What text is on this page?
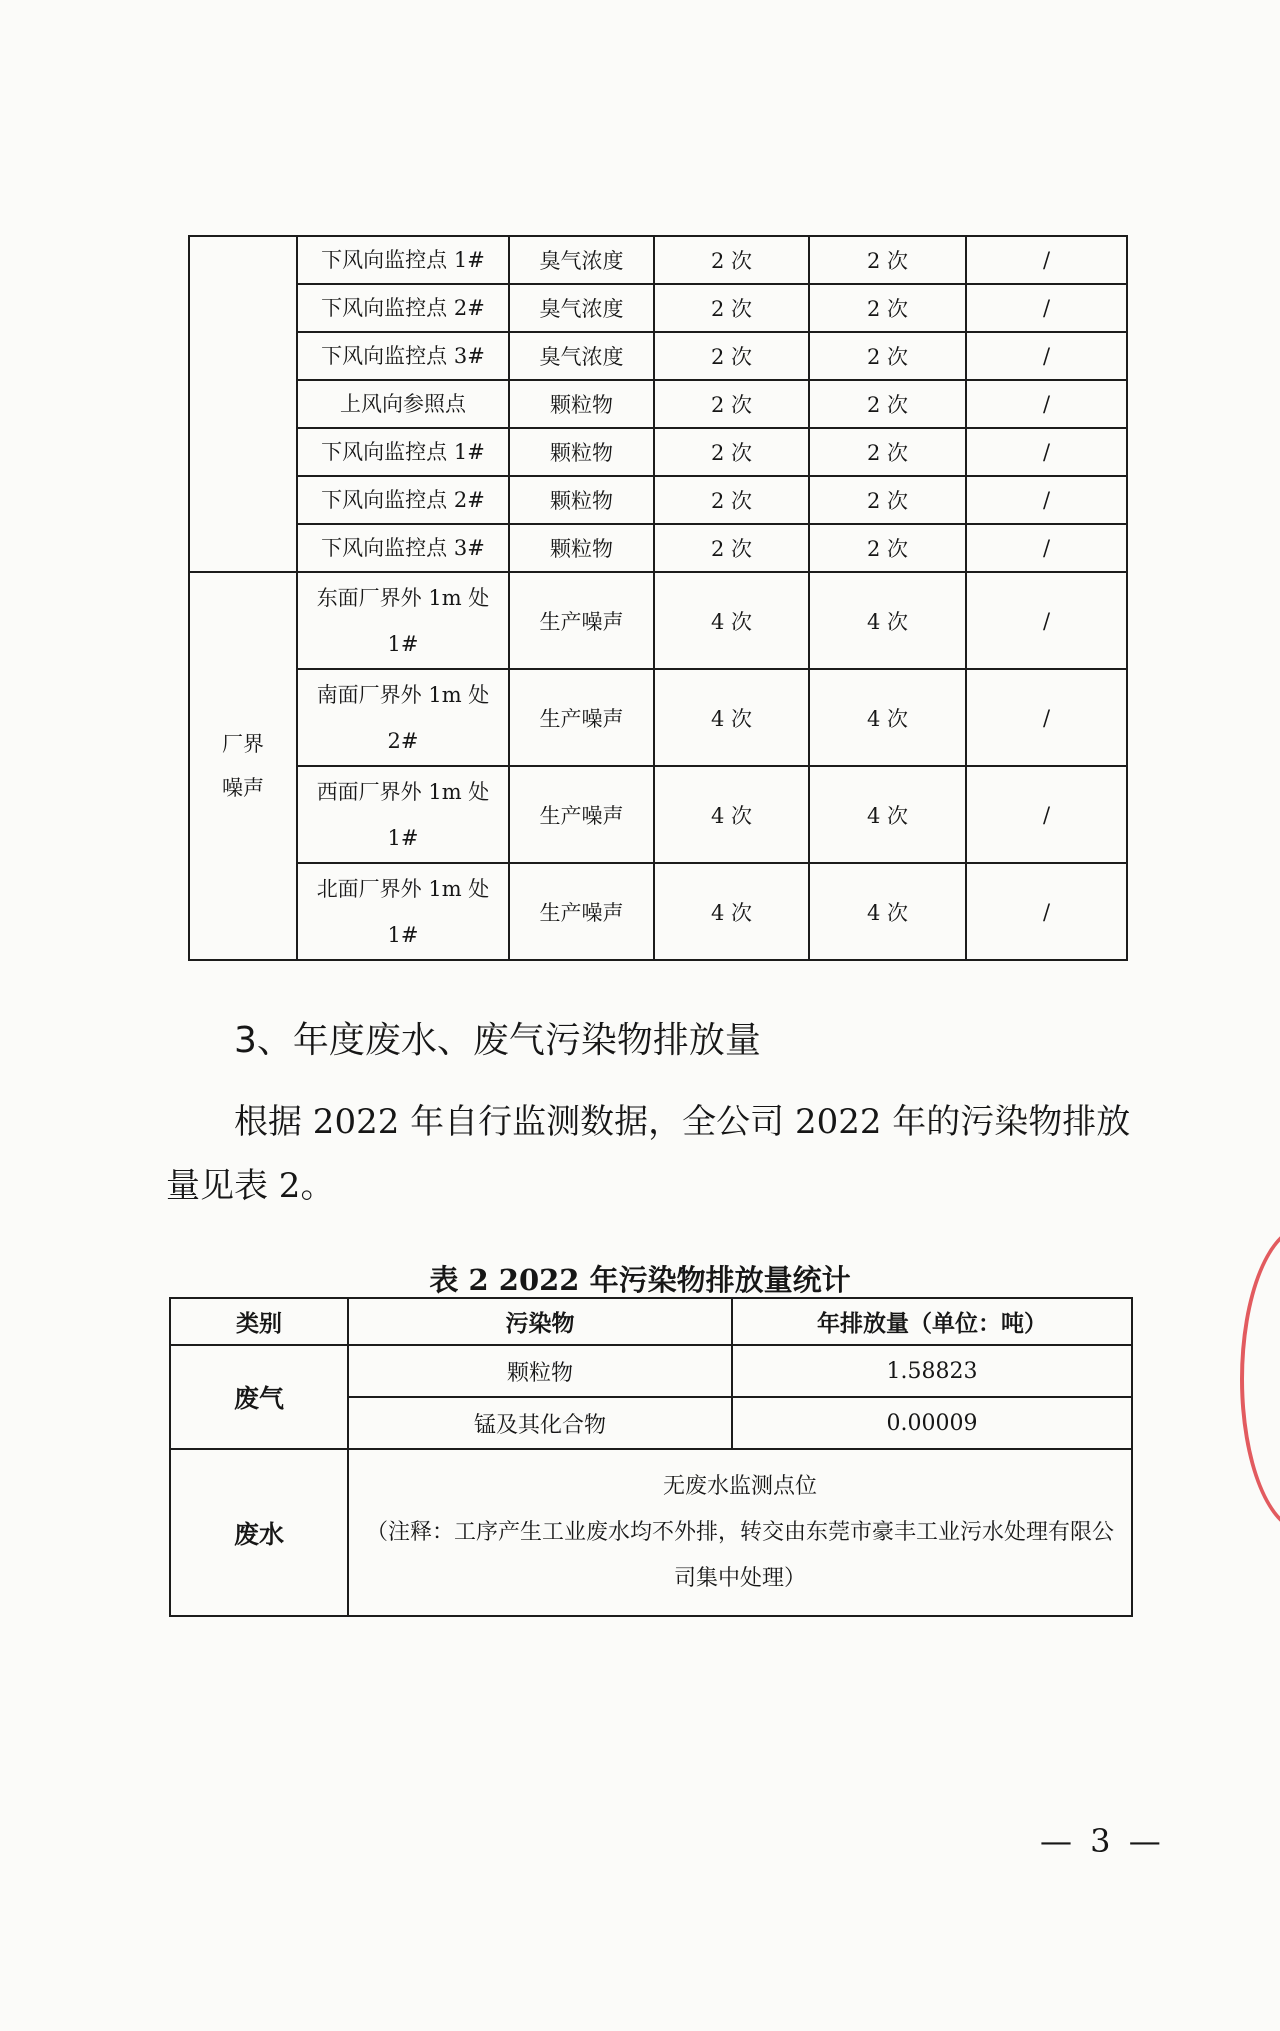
	下风向监控点 1#	臭气浓度	2 次	2 次	/
	下风向监控点 2#	臭气浓度	2 次	2 次	/
	下风向监控点 3#	臭气浓度	2 次	2 次	/
	上风向参照点	颗粒物	2 次	2 次	/
	下风向监控点 1#	颗粒物	2 次	2 次	/
	下风向监控点 2#	颗粒物	2 次	2 次	/
	下风向监控点 3#	颗粒物	2 次	2 次	/
厂界噪声	东面厂界外 1m 处 1#	生产噪声	4 次	4 次	/
	南面厂界外 1m 处 2#	生产噪声	4 次	4 次	/
	西面厂界外 1m 处 1#	生产噪声	4 次	4 次	/
	北面厂界外 1m 处 1#	生产噪声	4 次	4 次	/
3、年度废水、废气污染物排放量
根据 2022 年自行监测数据，全公司 2022 年的污染物排放量见表 2。
表 2 2022 年污染物排放量统计
类别	污染物	年排放量（单位：吨）
废气	颗粒物	1.58823
	锰及其化合物	0.00009
废水	无废水监测点位
（注释：工序产生工业废水均不外排，转交由东莞市豪丰工业污水处理有限公司集中处理）	
— 3 —
